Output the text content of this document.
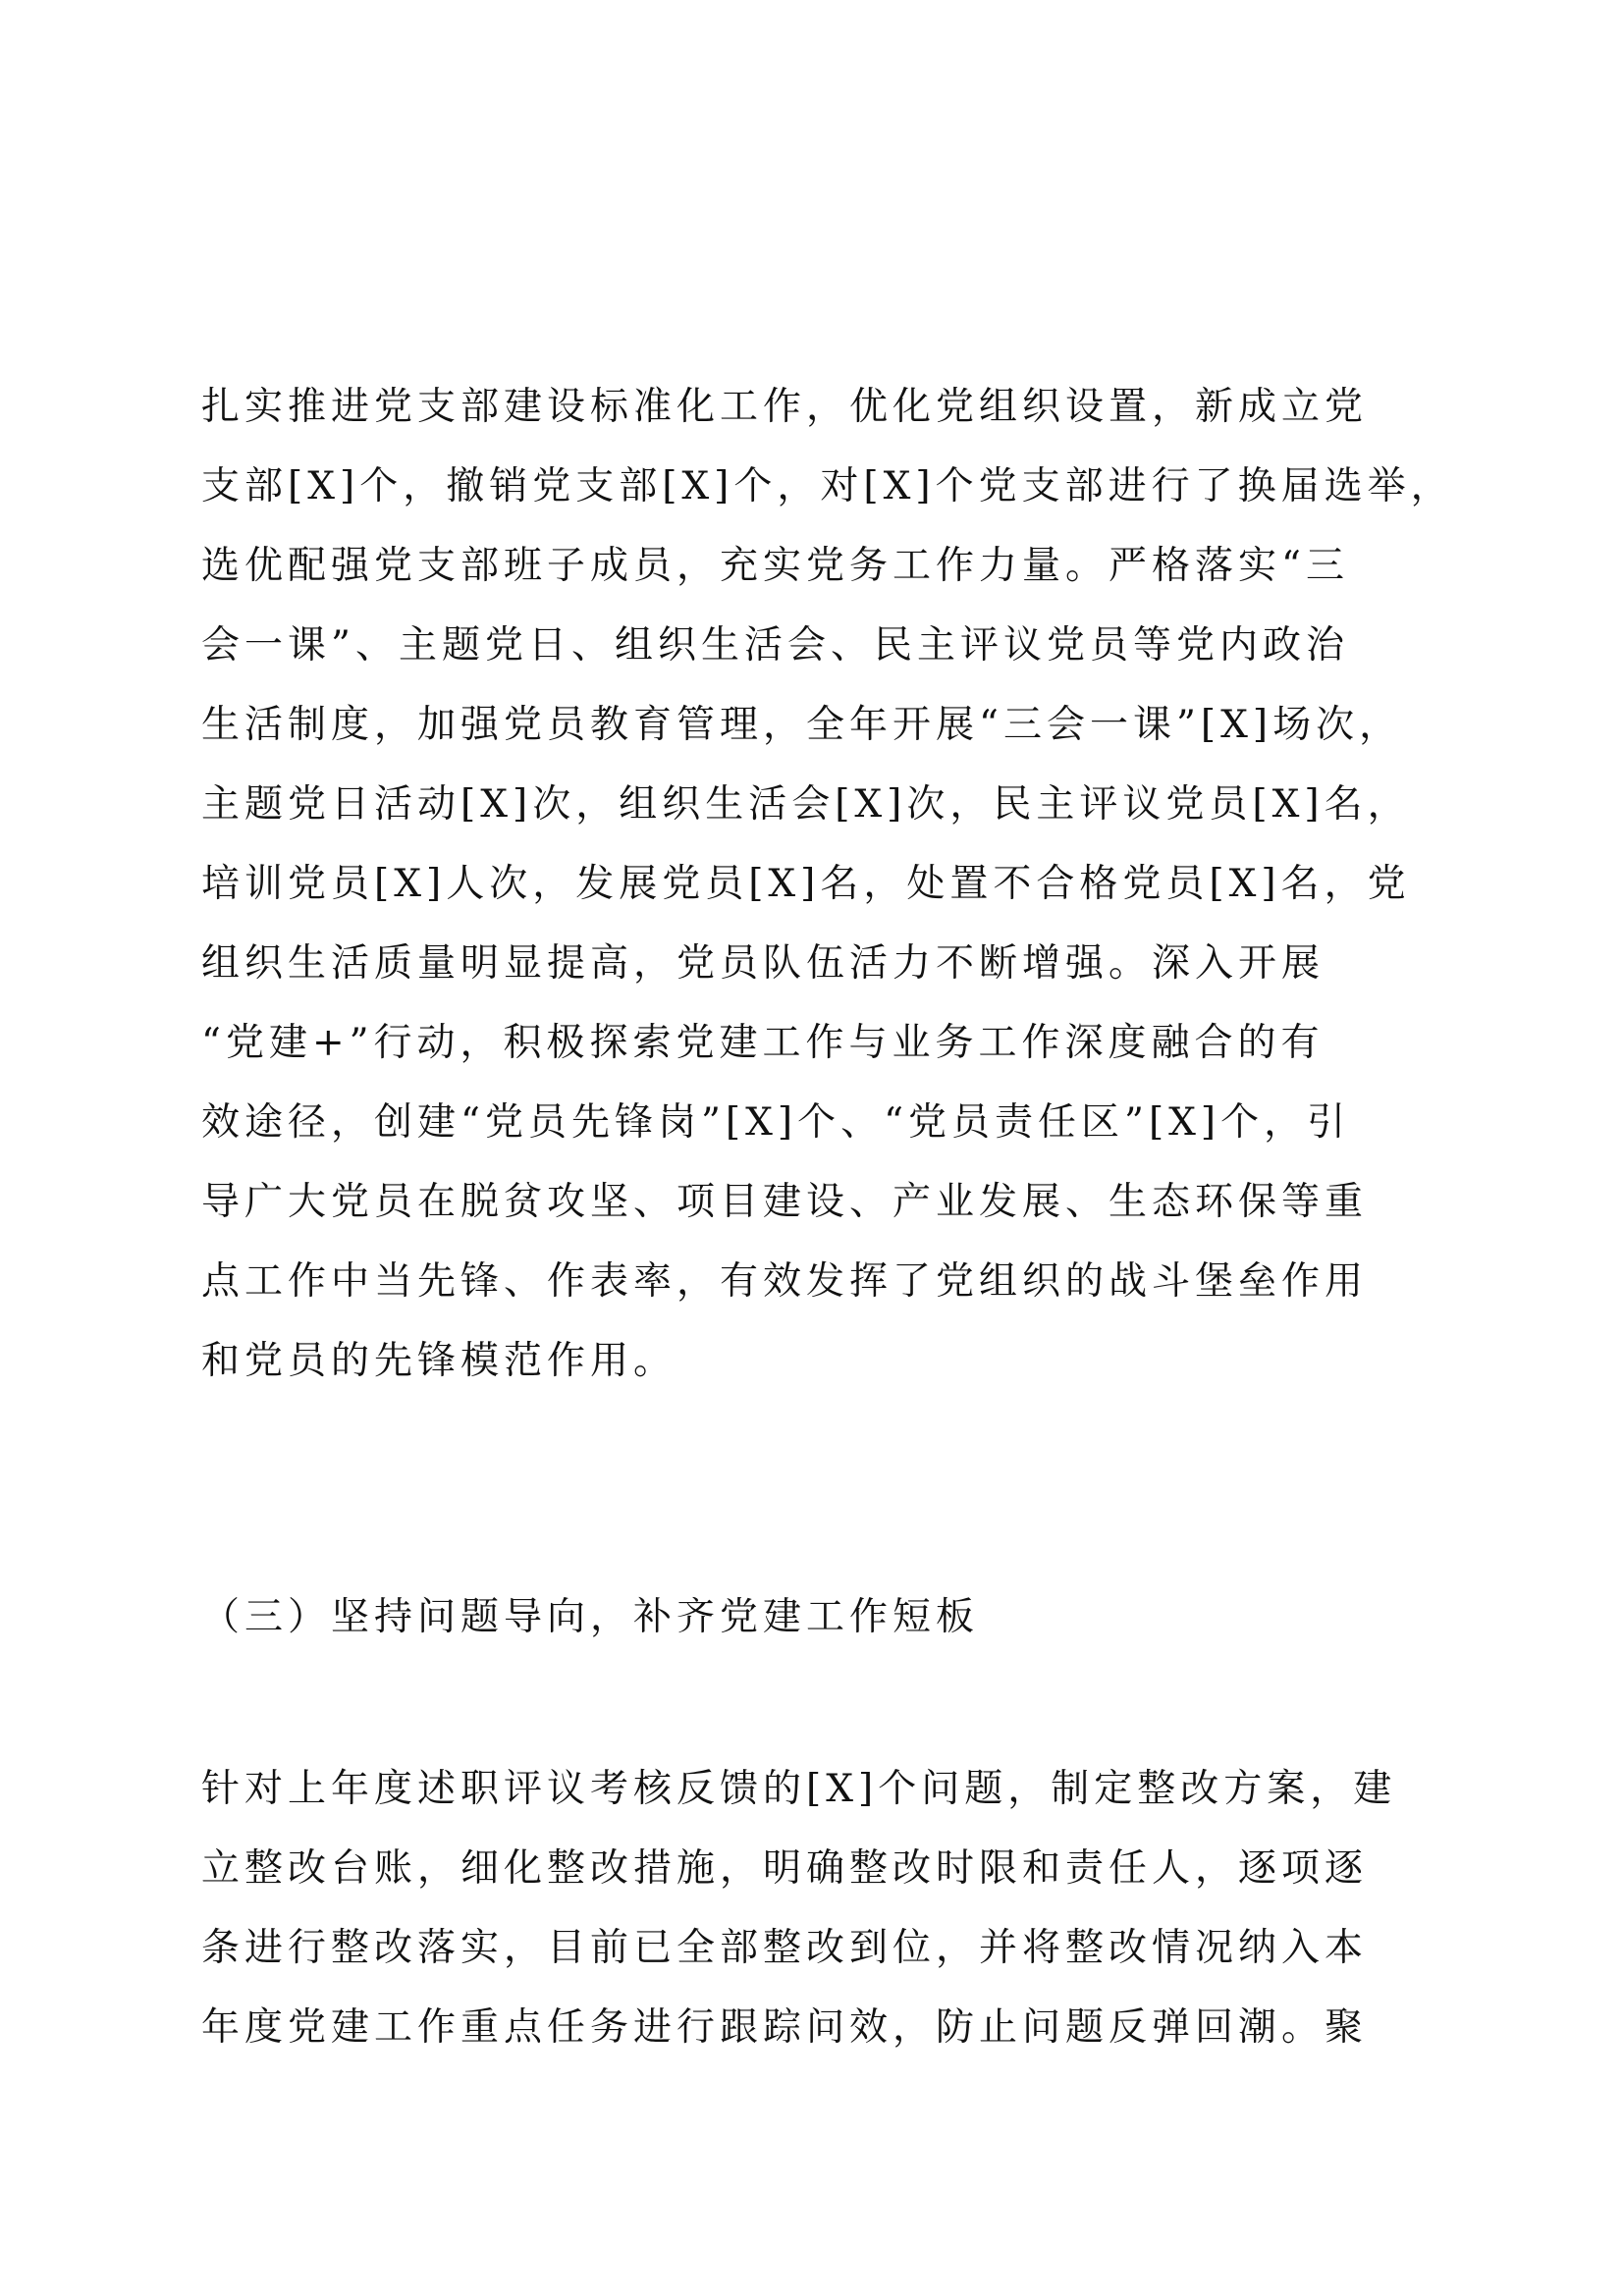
扎实推进党支部建设标准化工作，优化党组织设置，新成立党
支部[X]个，撤销党支部[X]个，对[X]个党支部进行了换届选举，
选优配强党支部班子成员，充实党务工作力量。严格落实“三
会一课”、主题党日、组织生活会、民主评议党员等党内政治
生活制度，加强党员教育管理，全年开展“三会一课”[X]场次，
主题党日活动[X]次，组织生活会[X]次，民主评议党员[X]名，
培训党员[X]人次，发展党员[X]名，处置不合格党员[X]名，党
组织生活质量明显提高，党员队伍活力不断增强。深入开展
“党建+”行动，积极探索党建工作与业务工作深度融合的有
效途径，创建“党员先锋岗”[X]个、“党员责任区”[X]个，引
导广大党员在脱贫攻坚、项目建设、产业发展、生态环保等重
点工作中当先锋、作表率，有效发挥了党组织的战斗堡垒作用
和党员的先锋模范作用。
（三）坚持问题导向，补齐党建工作短板
针对上年度述职评议考核反馈的[X]个问题，制定整改方案，建
立整改台账，细化整改措施，明确整改时限和责任人，逐项逐
条进行整改落实，目前已全部整改到位，并将整改情况纳入本
年度党建工作重点任务进行跟踪问效，防止问题反弹回潮。聚
